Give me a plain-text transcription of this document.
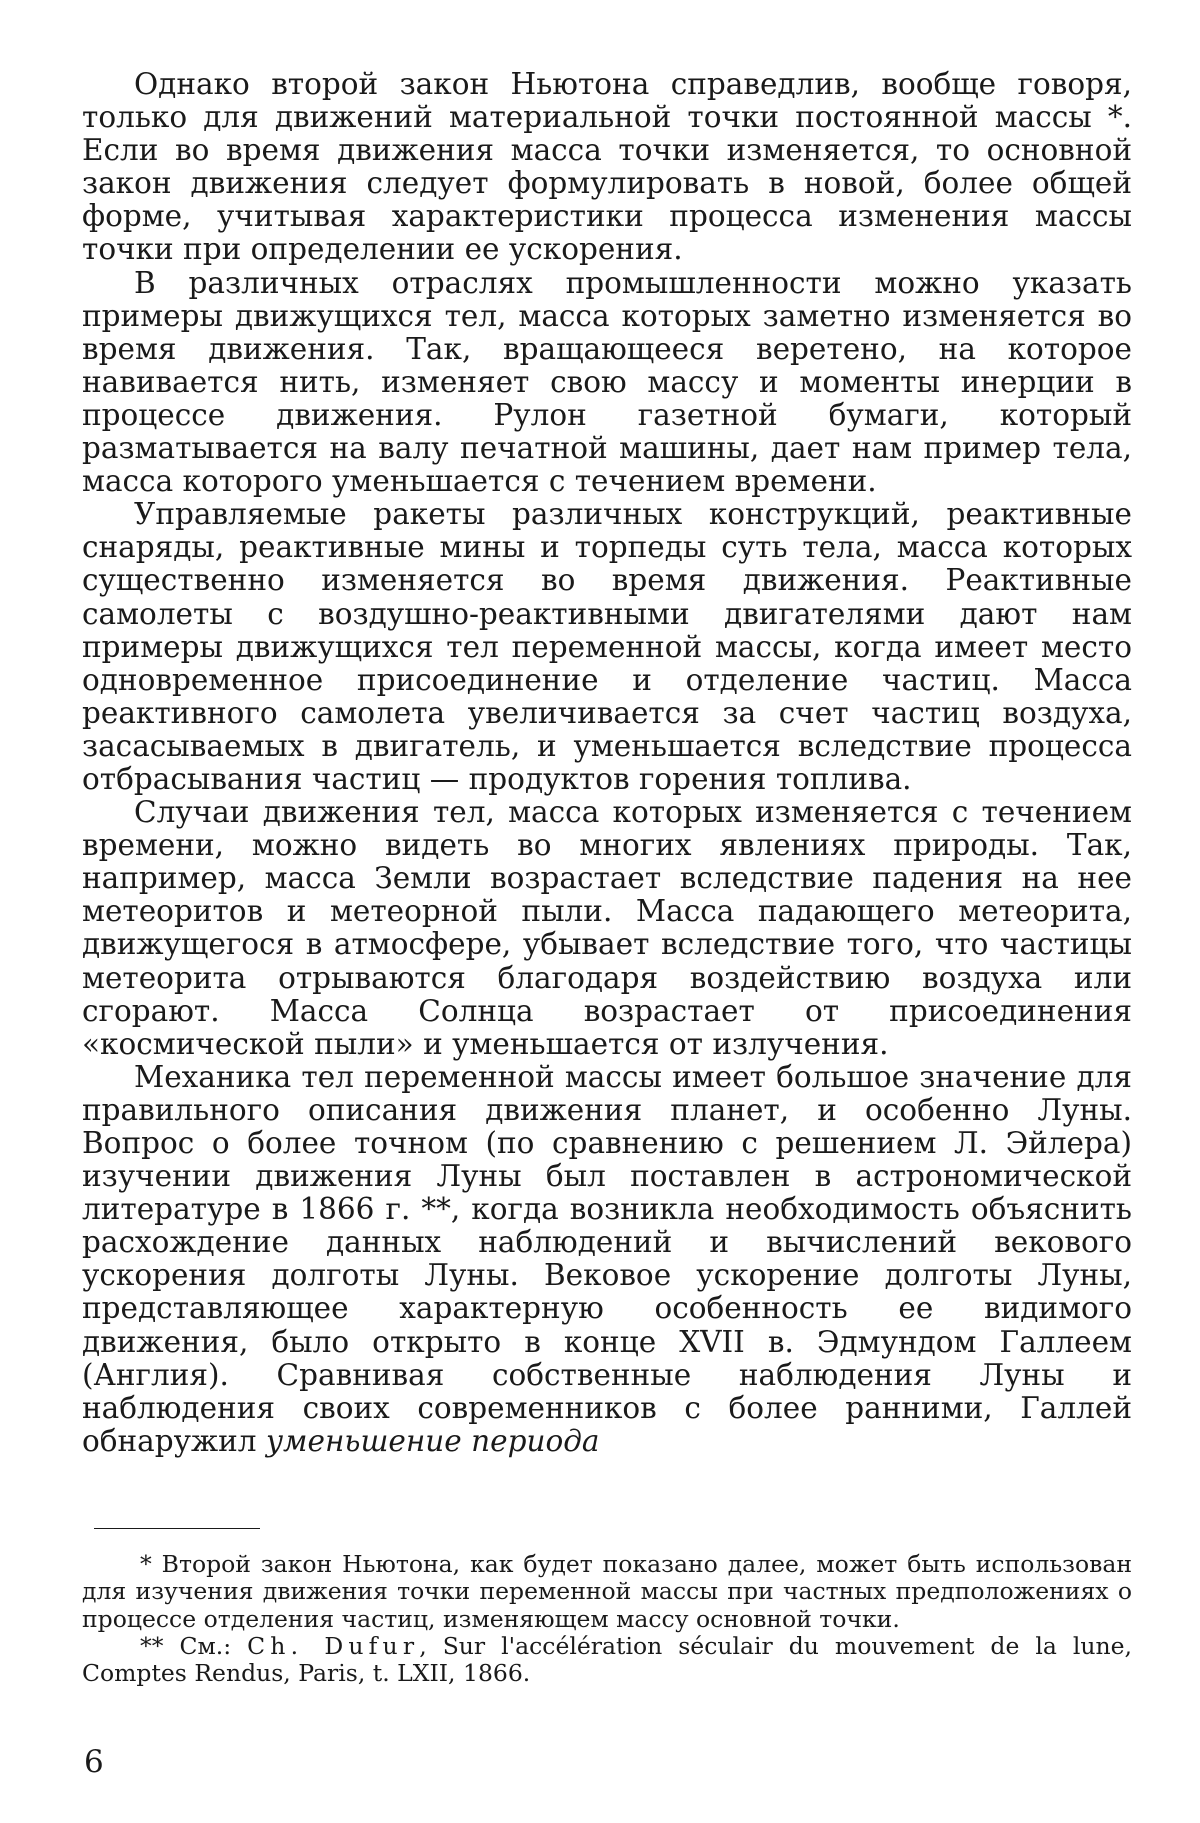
Однако второй закон Ньютона справедлив, вообще говоря, только для движений материальной точки постоянной массы *. Если во время движения масса точки изменяется, то основной закон движения следует формулировать в новой, более общей форме, учитывая характеристики процесса изменения массы точки при определении ее ускорения.

В различных отраслях промышленности можно указать примеры движущихся тел, масса которых заметно изменяется во время движения. Так, вращающееся веретено, на которое навивается нить, изменяет свою массу и моменты инерции в процессе движения. Рулон газетной бумаги, который разматывается на валу печатной машины, дает нам пример тела, масса которого уменьшается с течением времени.

Управляемые ракеты различных конструкций, реактивные снаряды, реактивные мины и торпеды суть тела, масса которых существенно изменяется во время движения. Реактивные самолеты с воздушно-реактивными двигателями дают нам примеры движущихся тел переменной массы, когда имеет место одновременное присоединение и отделение частиц. Масса реактивного самолета увеличивается за счет частиц воздуха, засасываемых в двигатель, и уменьшается вследствие процесса отбрасывания частиц — продуктов горения топлива.

Случаи движения тел, масса которых изменяется с течением времени, можно видеть во многих явлениях природы. Так, например, масса Земли возрастает вследствие падения на нее метеоритов и метеорной пыли. Масса падающего метеорита, движущегося в атмосфере, убывает вследствие того, что частицы метеорита отрываются благодаря воздействию воздуха или сгорают. Масса Солнца возрастает от присоединения «космической пыли» и уменьшается от излучения.

Механика тел переменной массы имеет большое значение для правильного описания движения планет, и особенно Луны. Вопрос о более точном (по сравнению с решением Л. Эйлера) изучении движения Луны был поставлен в астрономической литературе в 1866 г. **, когда возникла необходимость объяснить расхождение данных наблюдений и вычислений векового ускорения долготы Луны. Вековое ускорение долготы Луны, представляющее характерную особенность ее видимого движения, было открыто в конце XVII в. Эдмундом Галлеем (Англия). Сравнивая собственные наблюдения Луны и наблюдения своих современников с более ранними, Галлей обнаружил уменьшение периода

* Второй закон Ньютона, как будет показано далее, может быть использован для изучения движения точки переменной массы при частных предположениях о процессе отделения частиц, изменяющем массу основной точки.

** См.: Ch. Dufur, Sur l'accélération séculair du mouvement de la lune, Comptes Rendus, Paris, t. LXII, 1866.

6
